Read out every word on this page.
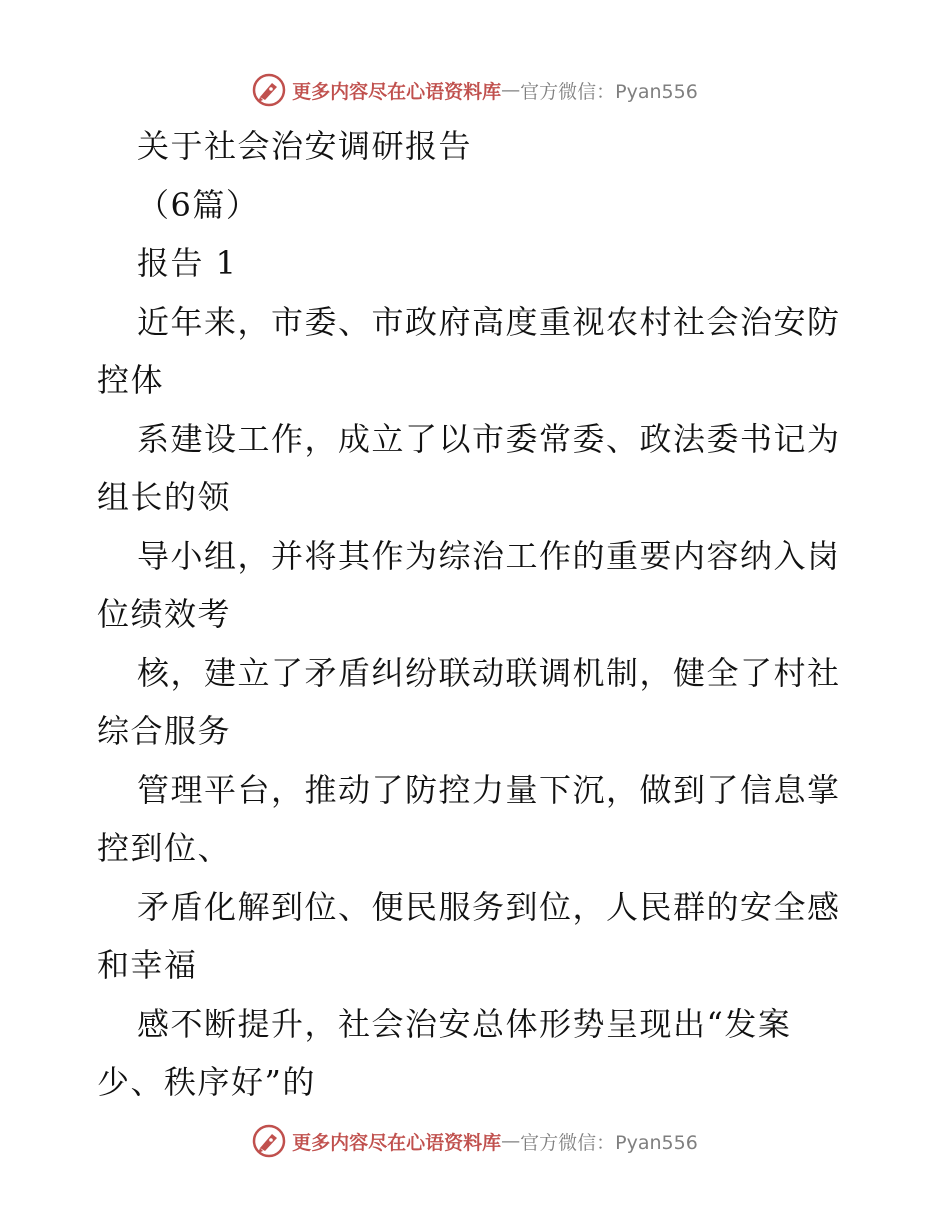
更多内容尽在心语资料库 — 官方微信：Pyan556
关于社会治安调研报告
（6篇）
报告 1
近年来，市委、市政府高度重视农村社会治安防
控体
系建设工作，成立了以市委常委、政法委书记为
组长的领
导小组，并将其作为综治工作的重要内容纳入岗
位绩效考
核，建立了矛盾纠纷联动联调机制，健全了村社
综合服务
管理平台，推动了防控力量下沉，做到了信息掌
控到位、
矛盾化解到位、便民服务到位，人民群的安全感
和幸福
感不断提升，社会治安总体形势呈现出“发案
少、秩序好”的
更多内容尽在心语资料库 — 官方微信：Pyan556
